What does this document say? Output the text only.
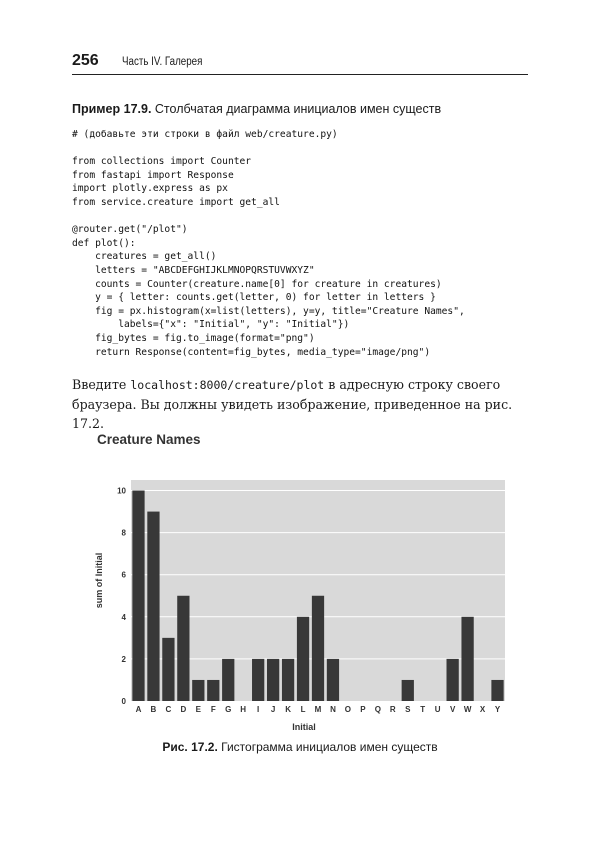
256 Часть IV. Галерея
Пример 17.9. Столбчатая диаграмма инициалов имен существ
# (добавьте эти строки в файл web/creature.py)

from collections import Counter
from fastapi import Response
import plotly.express as px
from service.creature import get_all

@router.get("/plot")
def plot():
creatures = get_all()
letters = "ABCDEFGHIJKLMNOPQRSTUVWXYZ"
counts = Counter(creature.name[0] for creature in creatures)
y = { letter: counts.get(letter, 0) for letter in letters }
fig = px.histogram(x=list(letters), y=y, title="Creature Names",
labels={"x": "Initial", "y": "Initial"})
fig_bytes = fig.to_image(format="png")
return Response(content=fig_bytes, media_type="image/png")
Введите localhost:8000/creature/plot в адресную строку своего браузера. Вы должны увидеть изображение, приведенное на рис. 17.2.
Creature Names
0
2
4
6
8
10
A B C D E F G H I J K L M N O P Q R S T U V W X Y
Initial
sum of Initial
Рис. 17.2. Гистограмма инициалов имен существ
